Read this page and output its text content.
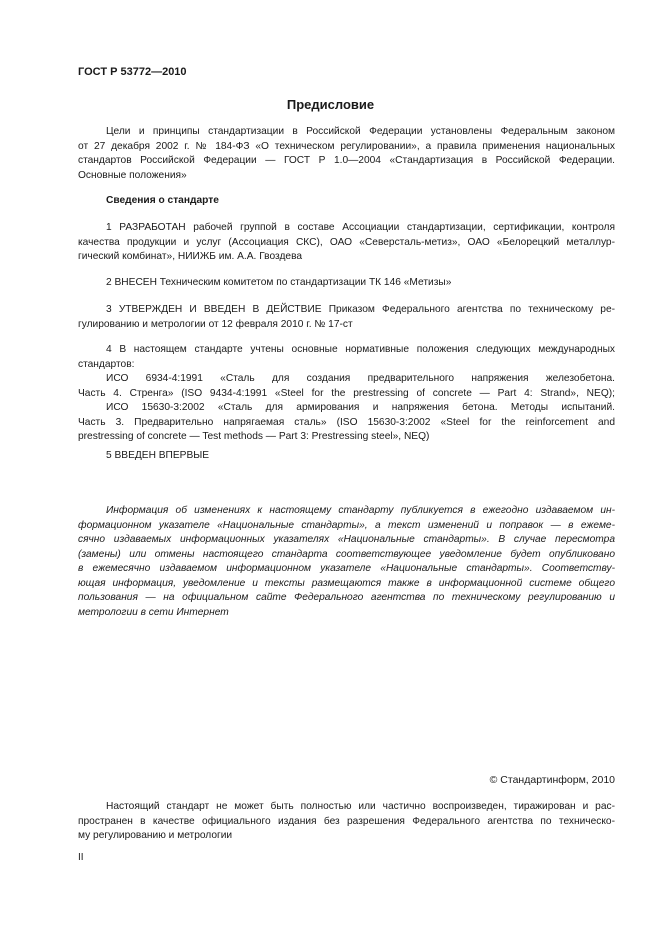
ГОСТ Р 53772—2010
Предисловие
Цели и принципы стандартизации в Российской Федерации установлены Федеральным законом
от 27 декабря 2002 г. № 184-ФЗ «О техническом регулировании», а правила применения национальных
стандартов Российской Федерации — ГОСТ Р 1.0—2004 «Стандартизация в Российской Федерации.
Основные положения»
Сведения о стандарте
1 РАЗРАБОТАН рабочей группой в составе Ассоциации стандартизации, сертификации, контроля
качества продукции и услуг (Ассоциация СКС), ОАО «Северсталь-метиз», ОАО «Белорецкий металлур-
гический комбинат», НИИЖБ им. А.А. Гвоздева
2 ВНЕСЕН Техническим комитетом по стандартизации ТК 146 «Метизы»
3 УТВЕРЖДЕН И ВВЕДЕН В ДЕЙСТВИЕ Приказом Федерального агентства по техническому ре-
гулированию и метрологии от 12 февраля 2010 г. № 17-ст
4 В настоящем стандарте учтены основные нормативные положения следующих международных
стандартов:
ИСО 6934-4:1991 «Сталь для создания предварительного напряжения железобетона.
Часть 4. Стренга» (ISO 9434-4:1991 «Steel for the prestressing of concrete — Part 4: Strand», NEQ);
ИСО 15630-3:2002 «Сталь для армирования и напряжения бетона. Методы испытаний.
Часть 3. Предварительно напрягаемая сталь» (ISO 15630-3:2002 «Steel for the reinforcement and
prestressing of concrete — Test methods — Part 3: Prestressing steel», NEQ)
5 ВВЕДЕН ВПЕРВЫЕ
Информация об изменениях к настоящему стандарту публикуется в ежегодно издаваемом ин-
формационном указателе «Национальные стандарты», а текст изменений и поправок — в ежеме-
сячно издаваемых информационных указателях «Национальные стандарты». В случае пересмотра
(замены) или отмены настоящего стандарта соответствующее уведомление будет опубликовано
в ежемесячно издаваемом информационном указателе «Национальные стандарты». Соответству-
ющая информация, уведомление и тексты размещаются также в информационной системе общего
пользования — на официальном сайте Федерального агентства по техническому регулированию и
метрологии в сети Интернет
© Стандартинформ, 2010
Настоящий стандарт не может быть полностью или частично воспроизведен, тиражирован и рас-
пространен в качестве официального издания без разрешения Федерального агентства по техническо-
му регулированию и метрологии
II
